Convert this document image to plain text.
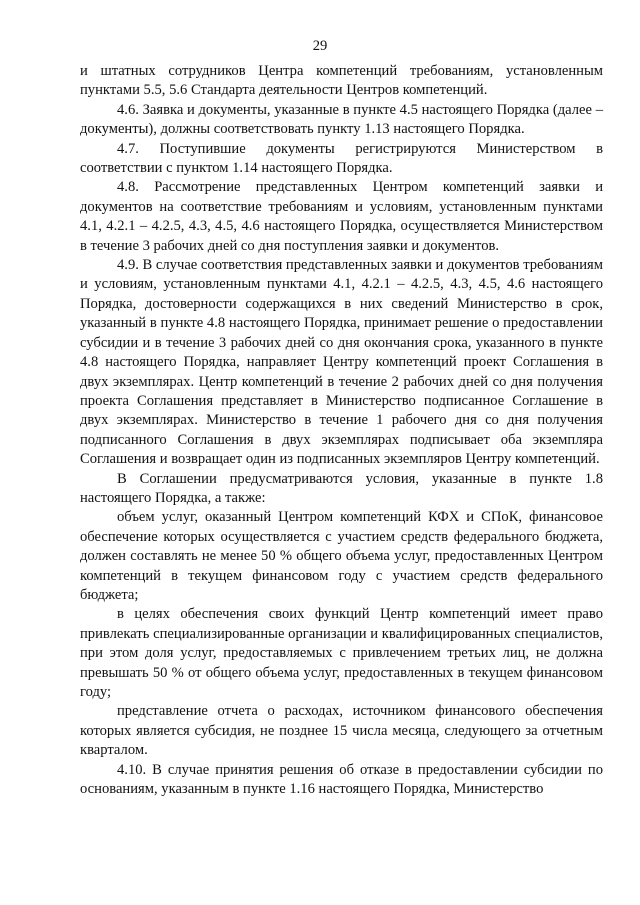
29

и штатных сотрудников Центра компетенций требованиям, установленным пунктами 5.5, 5.6 Стандарта деятельности Центров компетенций.

4.6. Заявка и документы, указанные в пункте 4.5 настоящего Порядка (далее – документы), должны соответствовать пункту 1.13 настоящего Порядка.

4.7. Поступившие документы регистрируются Министерством в соответствии с пунктом 1.14 настоящего Порядка.

4.8. Рассмотрение представленных Центром компетенций заявки и документов на соответствие требованиям и условиям, установленным пунктами 4.1, 4.2.1 – 4.2.5, 4.3, 4.5, 4.6 настоящего Порядка, осуществляется Министерством в течение 3 рабочих дней со дня поступления заявки и документов.

4.9. В случае соответствия представленных заявки и документов требованиям и условиям, установленным пунктами 4.1, 4.2.1 – 4.2.5, 4.3, 4.5, 4.6 настоящего Порядка, достоверности содержащихся в них сведений Министерство в срок, указанный в пункте 4.8 настоящего Порядка, принимает решение о предоставлении субсидии и в течение 3 рабочих дней со дня окончания срока, указанного в пункте 4.8 настоящего Порядка, направляет Центру компетенций проект Соглашения в двух экземплярах. Центр компетенций в течение 2 рабочих дней со дня получения проекта Соглашения представляет в Министерство подписанное Соглашение в двух экземплярах. Министерство в течение 1 рабочего дня со дня получения подписанного Соглашения в двух экземплярах подписывает оба экземпляра Соглашения и возвращает один из подписанных экземпляров Центру компетенций.

В Соглашении предусматриваются условия, указанные в пункте 1.8 настоящего Порядка, а также:

объем услуг, оказанный Центром компетенций КФХ и СПоК, финансовое обеспечение которых осуществляется с участием средств федерального бюджета, должен составлять не менее 50 % общего объема услуг, предоставленных Центром компетенций в текущем финансовом году с участием средств федерального бюджета;

в целях обеспечения своих функций Центр компетенций имеет право привлекать специализированные организации и квалифицированных специалистов, при этом доля услуг, предоставляемых с привлечением третьих лиц, не должна превышать 50 % от общего объема услуг, предоставленных в текущем финансовом году;

представление отчета о расходах, источником финансового обеспечения которых является субсидия, не позднее 15 числа месяца, следующего за отчетным кварталом.

4.10. В случае принятия решения об отказе в предоставлении субсидии по основаниям, указанным в пункте 1.16 настоящего Порядка, Министерство
